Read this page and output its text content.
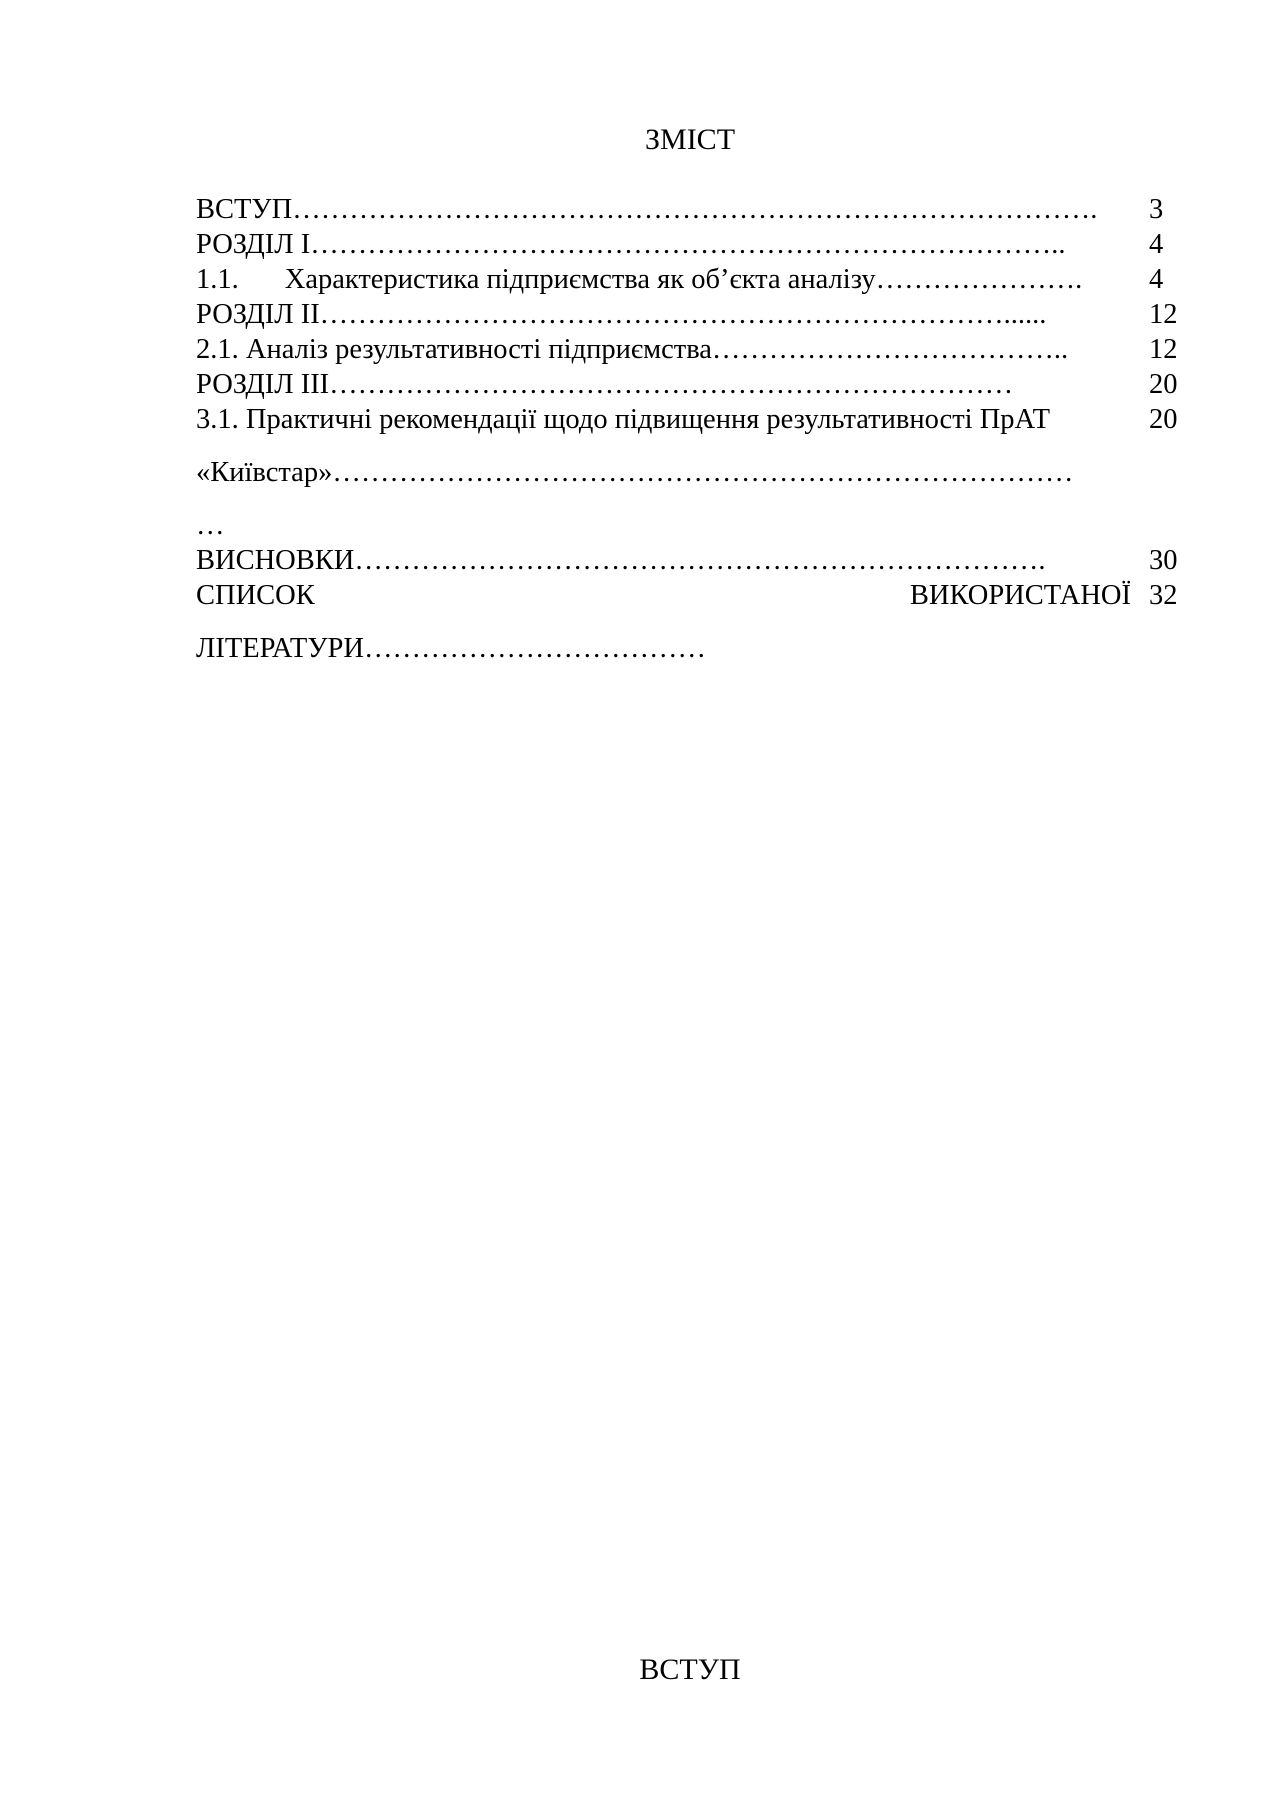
ЗМІСТ
ВСТУП………………………………………………………………………….	3
РОЗДІЛ I……………………………………………………………………..	4
1.1. Характеристика підприємства як об’єкта аналізу………………….	4
РОЗДІЛ II………………………………………………………………......	12
2.1. Аналіз результативності підприємства………………………………..	12
РОЗДІЛ III………………………………………………………………	20
3.1. Практичні рекомендації щодо підвищення результативності ПрАТ	20
«Київстар»……………………………………………………………………
…
ВИСНОВКИ……………………………………………………………….	30
СПИСОК	ВИКОРИСТАНОЇ 32
ЛІТЕРАТУРИ………………………………
ВСТУП
